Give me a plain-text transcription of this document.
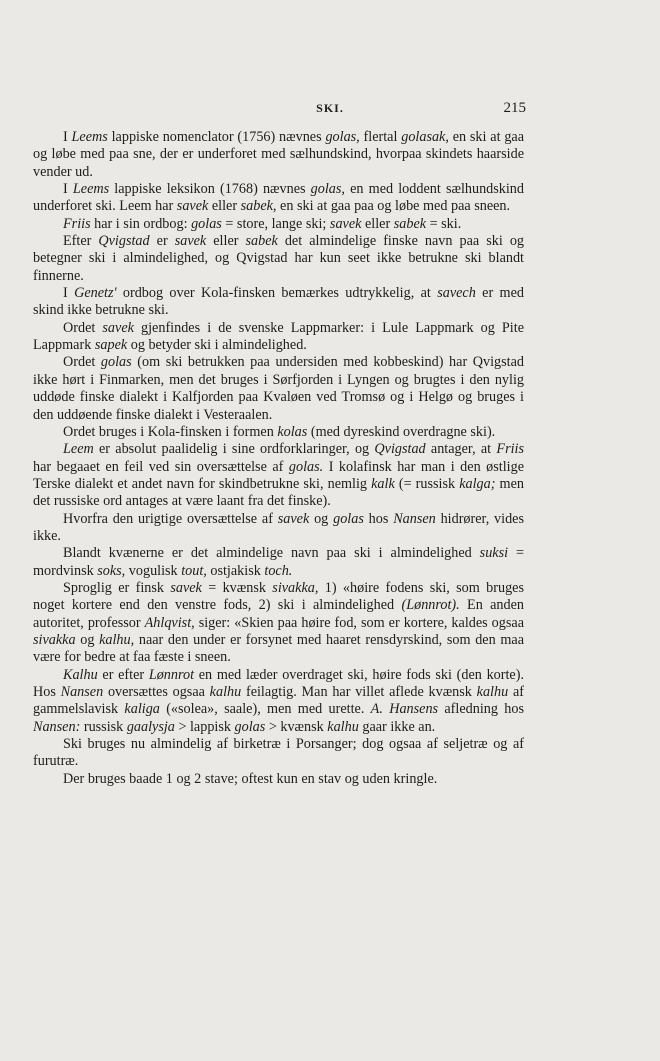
SKI.	215

I Leems lappiske nomenclator (1756) nævnes golas, flertal golasak, en ski at gaa og løbe med paa sne, der er underforet med sælhundskind, hvorpaa skindets haarside vender ud.

I Leems lappiske leksikon (1768) nævnes golas, en med loddent sælhundskind underforet ski. Leem har savek eller sabek, en ski at gaa paa og løbe med paa sneen.

Friis har i sin ordbog: golas = store, lange ski; savek eller sabek = ski.

Efter Qvigstad er savek eller sabek det almindelige finske navn paa ski og betegner ski i almindelighed, og Qvigstad har kun seet ikke betrukne ski blandt finnerne.

I Genetz' ordbog over Kola-finsken bemærkes udtrykkelig, at savech er med skind ikke betrukne ski.

Ordet savek gjenfindes i de svenske Lappmarker: i Lule Lappmark og Pite Lappmark sapek og betyder ski i almindelighed.

Ordet golas (om ski betrukken paa undersiden med kobbeskind) har Qvigstad ikke hørt i Finmarken, men det bruges i Sørfjorden i Lyngen og brugtes i den nylig uddøde finske dialekt i Kalfjorden paa Kvaløen ved Tromsø og i Helgø og bruges i den uddøende finske dialekt i Vesteraalen.

Ordet bruges i Kola-finsken i formen kolas (med dyreskind overdragne ski).

Leem er absolut paalidelig i sine ordforklaringer, og Qvigstad antager, at Friis har begaaet en feil ved sin oversættelse af golas. I kolafinsk har man i den østlige Terske dialekt et andet navn for skindbetrukne ski, nemlig kalk (= russisk kalga; men det russiske ord antages at være laant fra det finske).

Hvorfra den urigtige oversættelse af savek og golas hos Nansen hidrører, vides ikke.

Blandt kvænerne er det almindelige navn paa ski i almindelighed suksi = mordvinsk soks, vogulisk tout, ostjakisk toch.

Sproglig er finsk savek = kvænsk sivakka, 1) «høire fodens ski, som bruges noget kortere end den venstre fods, 2) ski i almindelighed (Lønnrot). En anden autoritet, professor Ahlqvist, siger: «Skien paa høire fod, som er kortere, kaldes ogsaa sivakka og kalhu, naar den under er forsynet med haaret rensdyrskind, som den maa være for bedre at faa fæste i sneen.

Kalhu er efter Lønnrot en med læder overdraget ski, høire fods ski (den korte). Hos Nansen oversættes ogsaa kalhu feilagtig. Man har villet aflede kvænsk kalhu af gammelslavisk kaliga («solea», saale), men med urette. A. Hansens afledning hos Nansen: russisk gaalysja > lappisk golas > kvænsk kalhu gaar ikke an.

Ski bruges nu almindelig af birketræ i Porsanger; dog ogsaa af seljetræ og af furutræ.

Der bruges baade 1 og 2 stave; oftest kun en stav og uden kringle.
